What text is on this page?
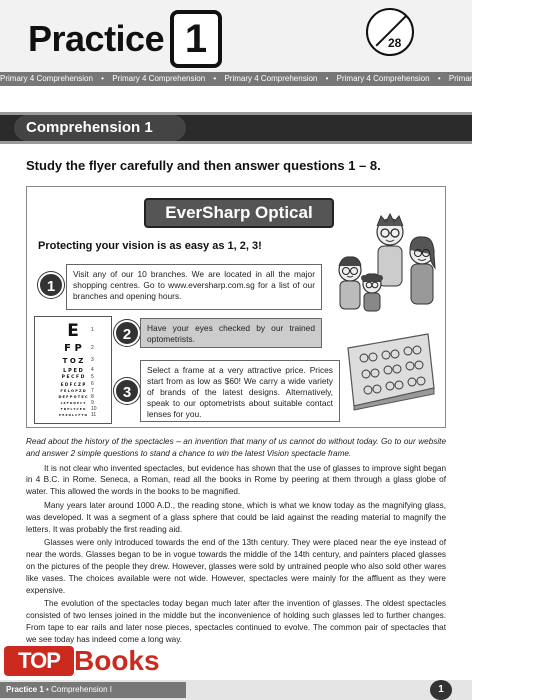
Practice 1	28
Primary 4 Comprehension • Primary 4 Comprehension • Primary 4 Comprehension • Primary 4 Comprehension • Primary 4 Comprehension
Comprehension 1
Study the flyer carefully and then answer questions 1 – 8.
EverSharp Optical
Protecting your vision is as easy as 1, 2, 3!
1
Visit any of our 10 branches. We are located in all the major shopping centres. Go to www.eversharp.com.sg for a list of our branches and opening hours.
E
F P
T O Z
L P E D
P E C F D
E D F C Z P
F E L O P Z D
D E F P O T E C
L E F O D P C T
F D P L T C E O
P E Z O L C F T D
1
2
3
4
5
6
7
8
9
10
11
2	Have your eyes checked by our trained optometrists.
3
Select a frame at a very attractive price. Prices start from as low as $60! We carry a wide variety of brands of the latest designs. Alternatively, speak to our optometrists about suitable contact lenses for you.

Read about the history of the spectacles – an invention that many of us cannot do without today. Go to our website and answer 2 simple questions to stand a chance to win the latest Vision spectacle frame.

It is not clear who invented spectacles, but evidence has shown that the use of glasses to improve sight began in 4 B.C. in Rome. Seneca, a Roman, read all the books in Rome by peering at them through a glass globe of water. This allowed the words in the books to be magnified.

Many years later around 1000 A.D., the reading stone, which is what we know today as the magnifying glass, was developed. It was a segment of a glass sphere that could be laid against the reading material to magnify the letters. It was probably the first reading aid.

Glasses were only introduced towards the end of the 13th century. They were placed near the eye instead of near the words. Glasses began to be in vogue towards the middle of the 14th century, and painters placed glasses on the pictures of the people they drew. However, glasses were sold by untrained people who also sold other wares like vases. The choices available were not wide. However, spectacles were mainly for the affluent as they were expensive.

The evolution of the spectacles today began much later after the invention of glasses. The oldest spectacles consisted of two lenses joined in the middle but the inconvenience of holding such glasses led to further changes. From tape to ear rails and later nose pieces, spectacles continued to evolve. The common pair of spectacles that we see today has indeed come a long way.

TOP Books
Practice 1 • Comprehension I	1
